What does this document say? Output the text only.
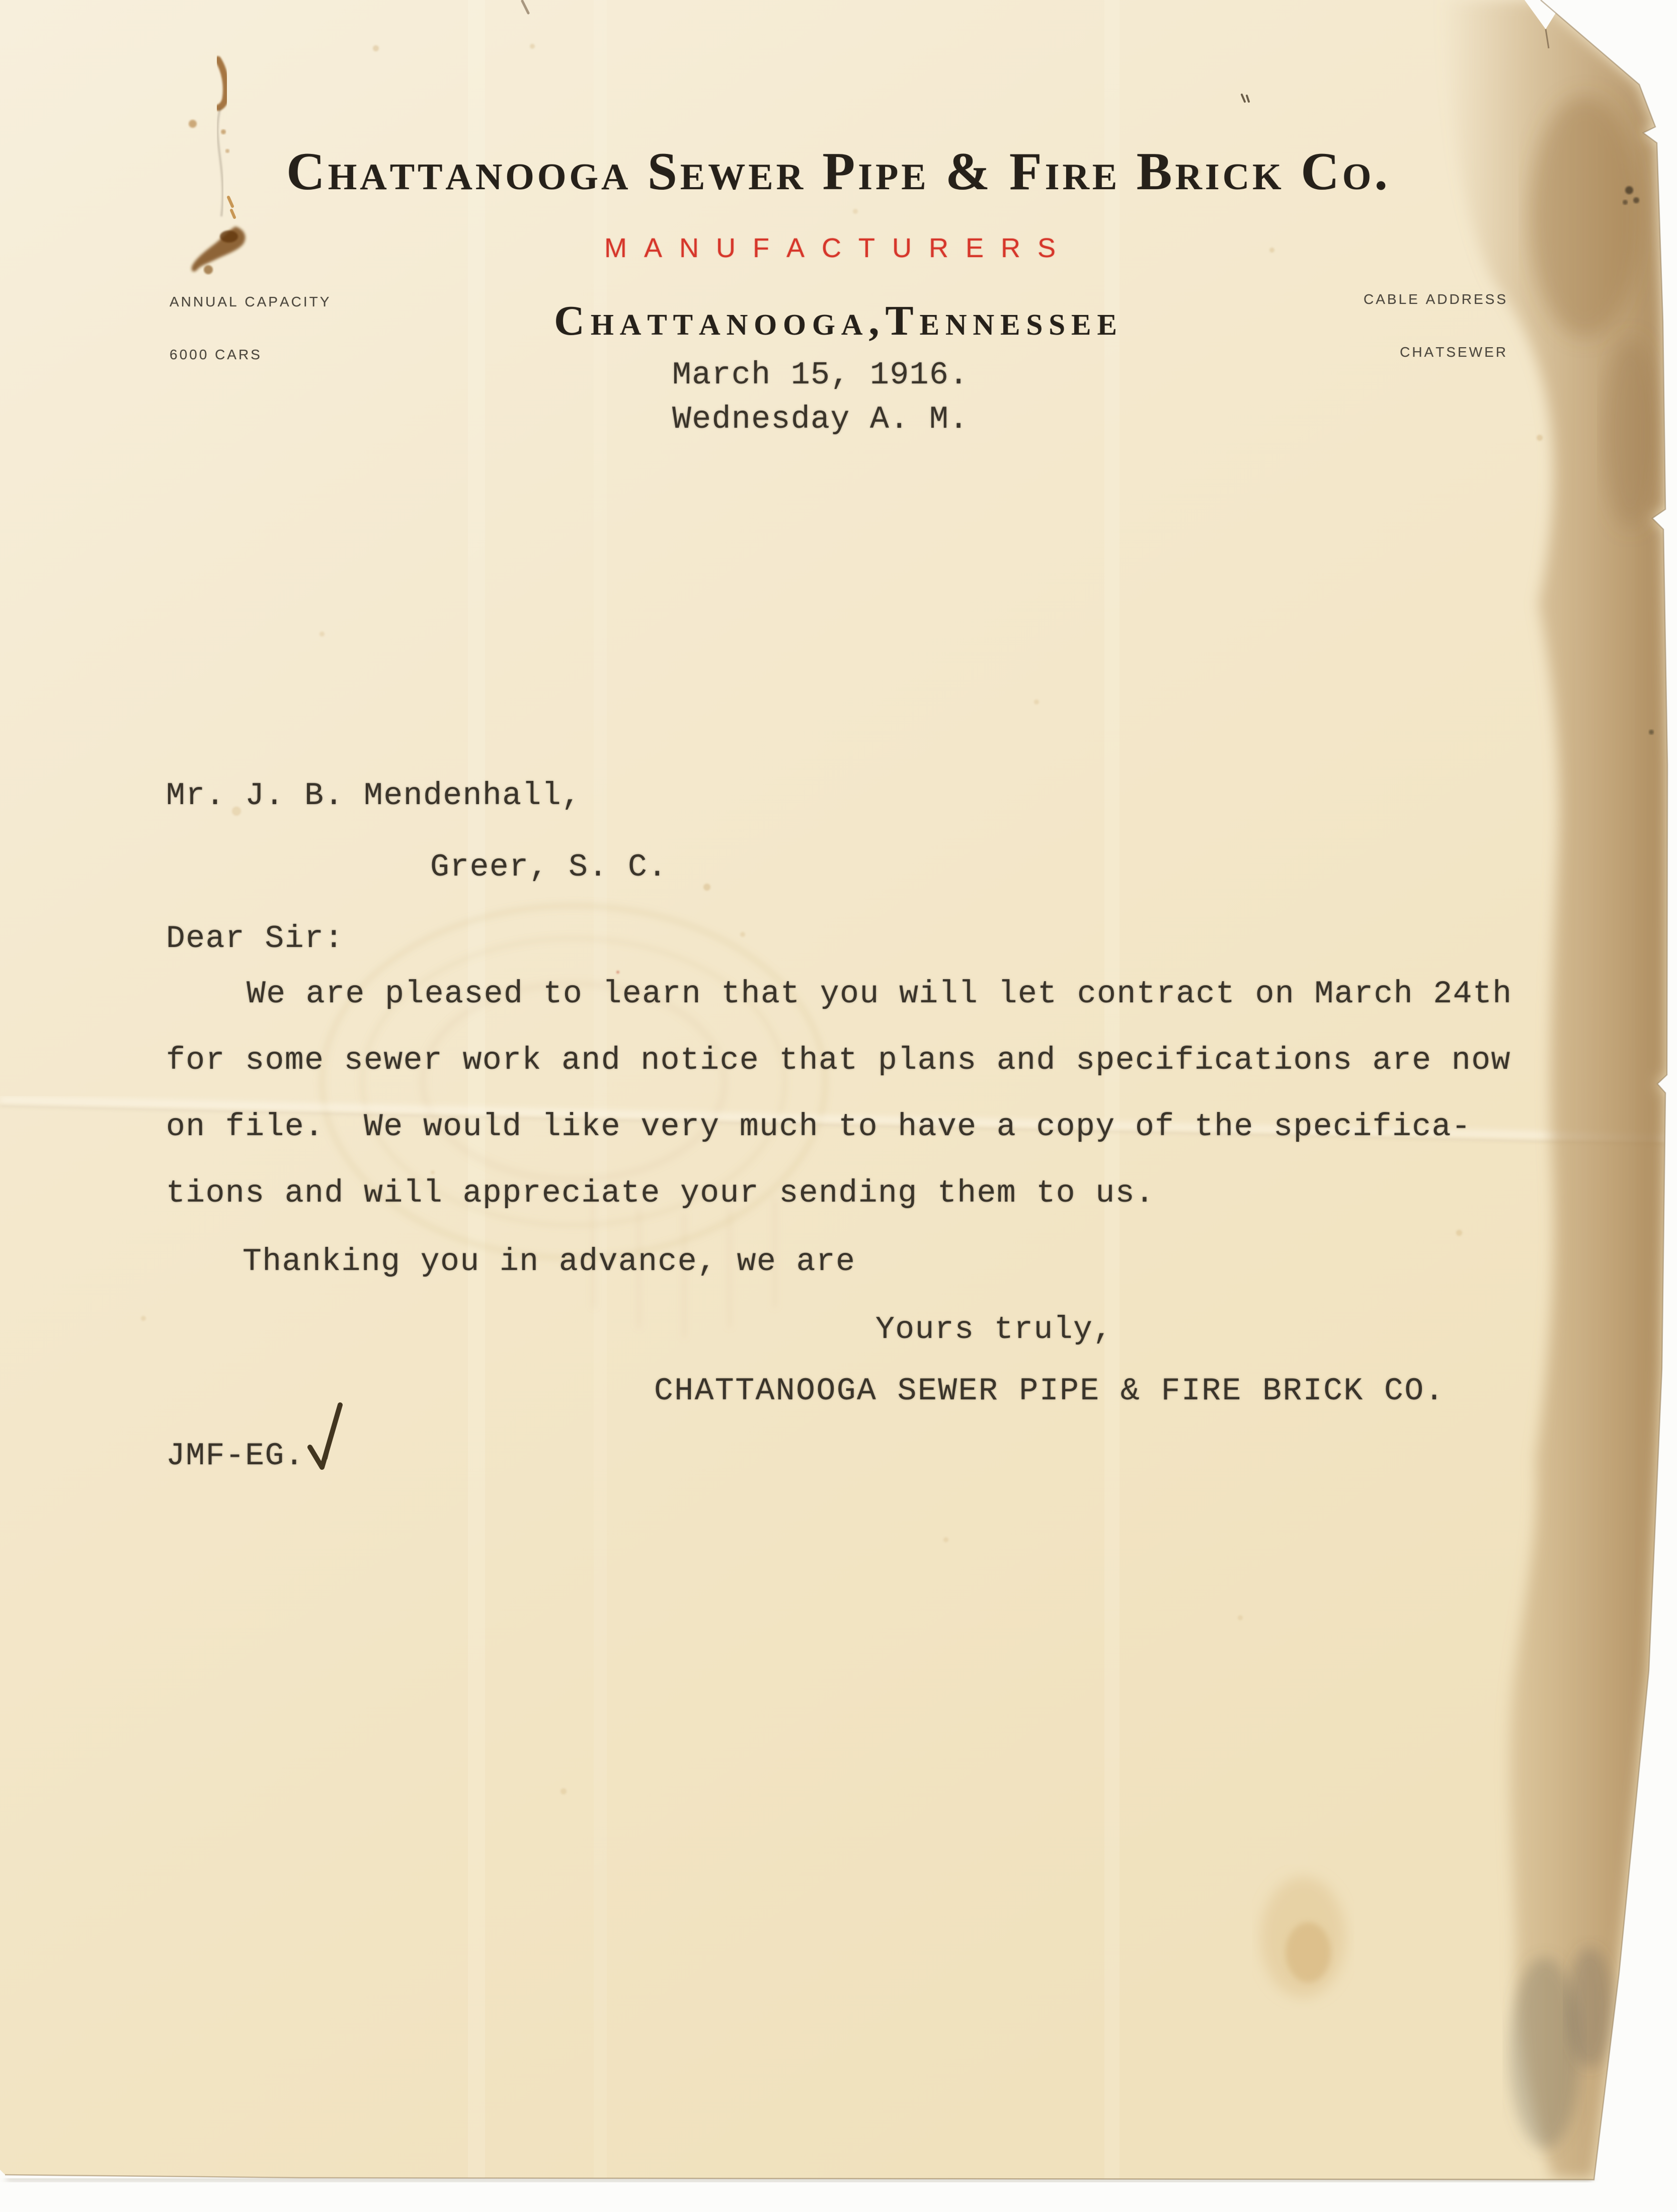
Chattanooga Sewer Pipe & Fire Brick Co.
MANUFACTURERS

ANNUAL CAPACITY

6000 CARS

CABLE ADDRESS

CHATSEWER

Chattanooga,Tennessee
March 15, 1916.
Wednesday A. M.
Mr. J. B. Mendenhall,
Greer, S. C.
Dear Sir:
We are pleased to learn that you will let contract on March 24th
for some sewer work and notice that plans and specifications are now
on file.  We would like very much to have a copy of the specifica-
tions and will appreciate your sending them to us.
Thanking you in advance, we are
Yours truly,
CHATTANOOGA SEWER PIPE & FIRE BRICK CO.
JMF-EG.
